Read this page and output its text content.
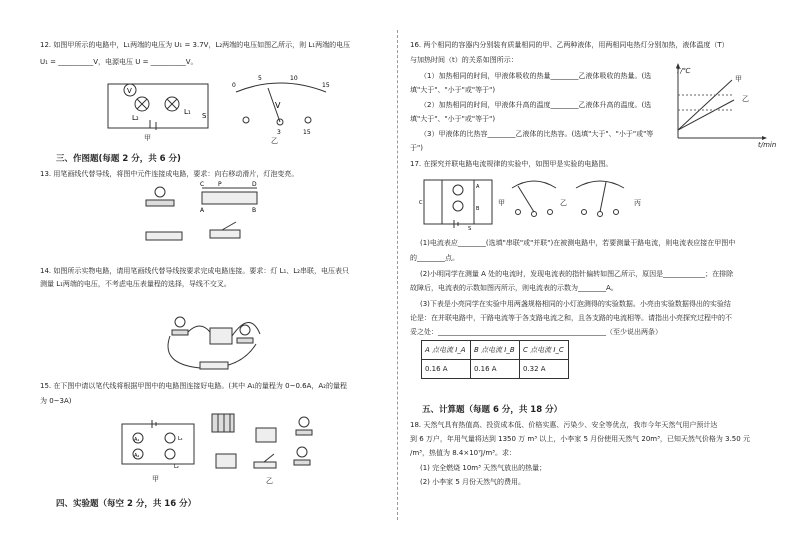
12. 如图甲所示的电路中，L₁两端的电压为 U₁ = 3.7V，L₂两端的电压如图乙所示，则 L₁两端的电压
U₁ = __________V，电源电压 U = __________V。
V
L₂
L₁ S
甲
0
5	10
15
V
3	15
乙
三、作图题(每题 2 分，共 6 分)
13. 用笔画线代替导线，将图中元件连接成电路，要求：向右移动滑片，灯泡变亮。
C P	D
A	B
14. 如图所示实物电路，请用笔画线代替导线按要求完成电路连接。要求：灯 L₁、L₂串联，电压表只
测量 L₁两端的电压，不考虑电压表量程的选择，导线不交叉。
15. 在下图中请以笔代线将根据甲图中的电路图连接好电路。(其中 A₁的量程为 0~0.6A，A₂的量程
为 0~3A)
A₁
A₂
L₁
L₂
甲	乙
四、实验题（每空 2 分，共 16 分）
16. 两个相同的容器内分别装有质量相同的甲、乙两种液体，用两相同电热灯分别加热，液体温度（T）
与加热时间（t）的关系如图所示：
（1）加热相同的时间，甲液体吸收的热量________乙液体吸收的热量。(选
填"大于"、"小于"或"等于")
（2）加热相同的时间，甲液体升高的温度________乙液体升高的温度。(选
填"大于"、"小于"或"等于")
（3）甲液体的比热容________乙液体的比热容。(选填"大于"、"小于"或"等
于")
T/℃
t/min
甲
乙
17. 在探究并联电路电流规律的实验中，如图甲是实验的电路图。
C
A
B
S
甲	乙	丙
(1)电流表应________(选填"串联"或"并联")在被测电路中，若要测量干路电流，则电流表应接在甲图中
的________点。
(2)小明同学在测量 A 处的电流时，发现电流表的指针偏转如图乙所示，原因是____________；在排除
故障后，电流表的示数如图丙所示，则电流表的示数为________A。
(3)下表是小亮同学在实验中用两盏规格相同的小灯泡测得的实验数据。小亮由实验数据得出的实验结
论是：在并联电路中，干路电流等于各支路电流之和，且各支路的电流相等。请指出小亮探究过程中的不
妥之处：________________________________________________（至少说出两条）
A 点电流 I_A	B 点电流 I_B	C 点电流 I_C
0.16 A	0.16 A	0.32 A
五、计算题（每题 6 分，共 18 分）
18. 天然气具有热值高、投资成本低、价格实惠、污染少、安全等优点，我市今年天然气用户预计达
到 6 万户，年用气量将达到 1350 万 m³ 以上，小李家 5 月份使用天然气 20m³，已知天然气价格为 3.50 元
/m³，热值为 8.4×10⁷J/m³。求：
(1) 完全燃烧 10m³ 天然气放出的热量；
(2) 小李家 5 月份天然气的费用。
